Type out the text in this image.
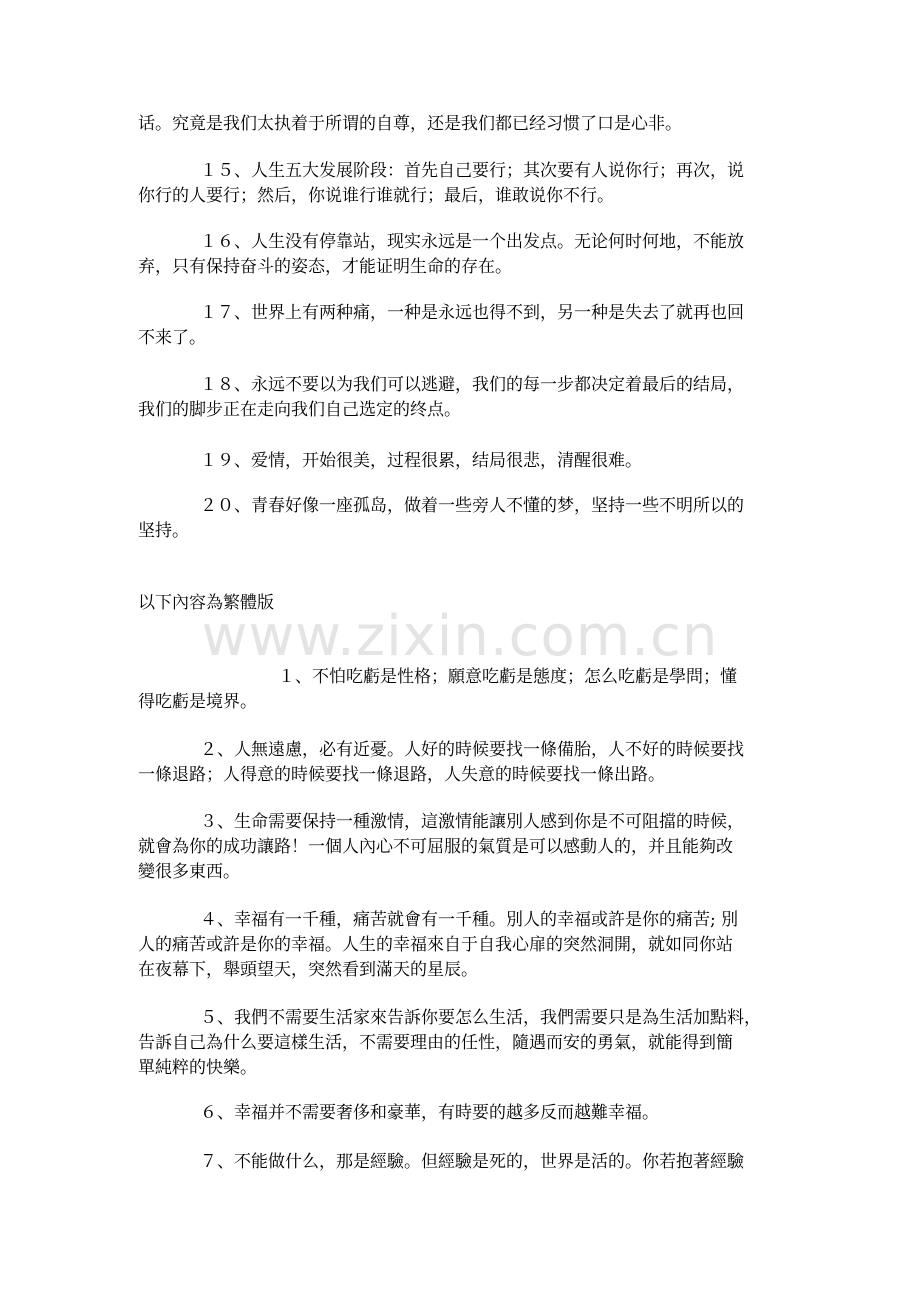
www.zixin.com.cn
话。究竟是我们太执着于所谓的自尊，还是我们都已经习惯了口是心非。
１５、人生五大发展阶段：首先自己要行；其次要有人说你行；再次，说
你行的人要行；然后，你说谁行谁就行；最后，谁敢说你不行。
１６、人生没有停靠站，现实永远是一个出发点。无论何时何地，不能放
弃，只有保持奋斗的姿态，才能证明生命的存在。
１７、世界上有两种痛，一种是永远也得不到，另一种是失去了就再也回
不来了。
１８、永远不要以为我们可以逃避，我们的每一步都决定着最后的结局，
我们的脚步正在走向我们自己选定的终点。
１９、爱情，开始很美，过程很累，结局很悲，清醒很难。
２０、青春好像一座孤岛，做着一些旁人不懂的梦，坚持一些不明所以的
坚持。
以下內容為繁體版
１、不怕吃虧是性格；願意吃虧是態度；怎么吃虧是學問；懂
得吃虧是境界。
２、人無遠慮，必有近憂。人好的時候要找一條備胎，人不好的時候要找
一條退路；人得意的時候要找一條退路，人失意的時候要找一條出路。
３、生命需要保持一種激情，這激情能讓別人感到你是不可阻擋的時候，
就會為你的成功讓路！一個人內心不可屈服的氣質是可以感動人的，并且能夠改
變很多東西。
４、幸福有一千種，痛苦就會有一千種。別人的幸福或許是你的痛苦; 別
人的痛苦或許是你的幸福。人生的幸福來自于自我心扉的突然洞開，就如同你站
在夜幕下，舉頭望天，突然看到滿天的星辰。
５、我們不需要生活家來告訴你要怎么生活，我們需要只是為生活加點料，
告訴自己為什么要這樣生活，不需要理由的任性，隨遇而安的勇氣，就能得到簡
單純粹的快樂。
６、幸福并不需要奢侈和豪華，有時要的越多反而越難幸福。
７、不能做什么，那是經驗。但經驗是死的，世界是活的。你若抱著經驗
